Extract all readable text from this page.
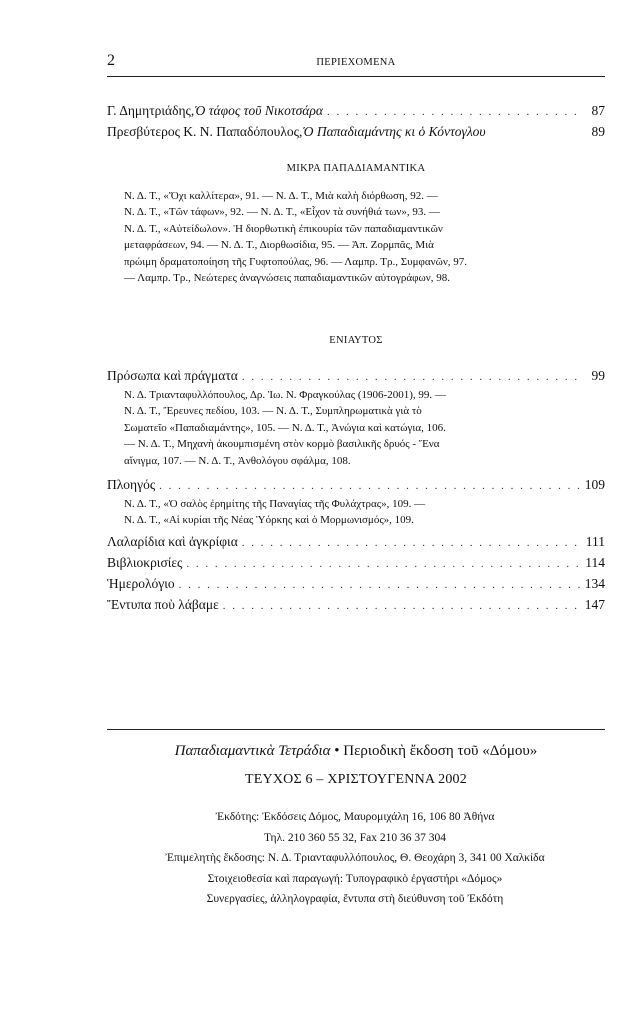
2	ΠΕΡΙΕΧΟΜΕΝΑ
Γ. Δημητριάδης, Ὁ τάφος τοῦ Νικοτσάρα . . .	87
Πρεσβύτερος Κ. Ν. Παπαδόπουλος, Ὁ Παπαδιαμάντης κι ὁ Κόντογλου	89
ΜΙΚΡΑ ΠΑΠΑΔΙΑΜΑΝΤΙΚΑ
Ν. Δ. Τ., «Ὄχι καλλίτερα», 91. — Ν. Δ. Τ., Μιὰ καλὴ διόρθωση, 92. —
Ν. Δ. Τ., «Τῶν τάφων», 92. — Ν. Δ. Τ., «Εἶχον τὰ συνήθιά των», 93. —
Ν. Δ. Τ., «Αὐτείδωλον». Ἡ διορθωτικὴ ἐπικουρία τῶν παπαδιαμαντικῶν
μεταφράσεων, 94. — Ν. Δ. Τ., Διορθωσίδια, 95. — Ἀπ. Ζορμπᾶς, Μιὰ
πρώιμη δραματοποίηση τῆς Γυφτοπούλας, 96. — Λαμπρ. Τρ., Συμφανῶν, 97.
— Λαμπρ. Τρ., Νεώτερες ἀναγνώσεις παπαδιαμαντικῶν αὐτογράφων, 98.
ΕΝΙΑΥΤΟΣ
Πρόσωπα καὶ πράγματα . . .	99
Ν. Δ. Τριανταφυλλόπουλος, Δρ. Ἰω. Ν. Φραγκούλας (1906-2001), 99. —
Ν. Δ. Τ., Ἔρευνες πεδίου, 103. — Ν. Δ. Τ., Συμπληρωματικὰ γιὰ τὸ
Σωματεῖο «Παπαδιαμάντης», 105. — Ν. Δ. Τ., Ἀνώγια καὶ κατώγια, 106.
— Ν. Δ. Τ., Μηχανὴ ἀκουμπισμένη στὸν κορμὸ βασιλικῆς δρυός - Ἕνα
αἴνιγμα, 107. — Ν. Δ. Τ., Ἀνθολόγου σφάλμα, 108.
Πλοηγός . . .	109
Ν. Δ. Τ., «Ὁ σαλὸς ἐρημίτης τῆς Παναγίας τῆς Φυλάχτρας», 109. —
Ν. Δ. Τ., «Αἱ κυρίαι τῆς Νέας Ὑόρκης καὶ ὁ Μορμωνισμός», 109.
Λαλαρίδια καὶ ἀγκρίφια . . .	111
Βιβλιοκρισίες . . .	114
Ἡμερολόγιο . . .	134
Ἔντυπα ποὺ λάβαμε . . .	147
Παπαδιαμαντικὰ Τετράδια • Περιοδικὴ ἔκδοση τοῦ «Δόμου»
ΤΕΥΧΟΣ 6 – ΧΡΙΣΤΟΥΓΕΝΝΑ 2002
Ἐκδότης: Ἐκδόσεις Δόμος, Μαυρομιχάλη 16, 106 80 Ἀθήνα
Τηλ. 210 360 55 32, Fax 210 36 37 304
Ἐπιμελητὴς ἔκδοσης: Ν. Δ. Τριανταφυλλόπουλος, Θ. Θεοχάρη 3, 341 00 Χαλκίδα
Στοιχειοθεσία καὶ παραγωγή: Τυπογραφικὸ ἐργαστήρι «Δόμος»
Συνεργασίες, ἀλληλογραφία, ἔντυπα στὴ διεύθυνση τοῦ Ἐκδότη
